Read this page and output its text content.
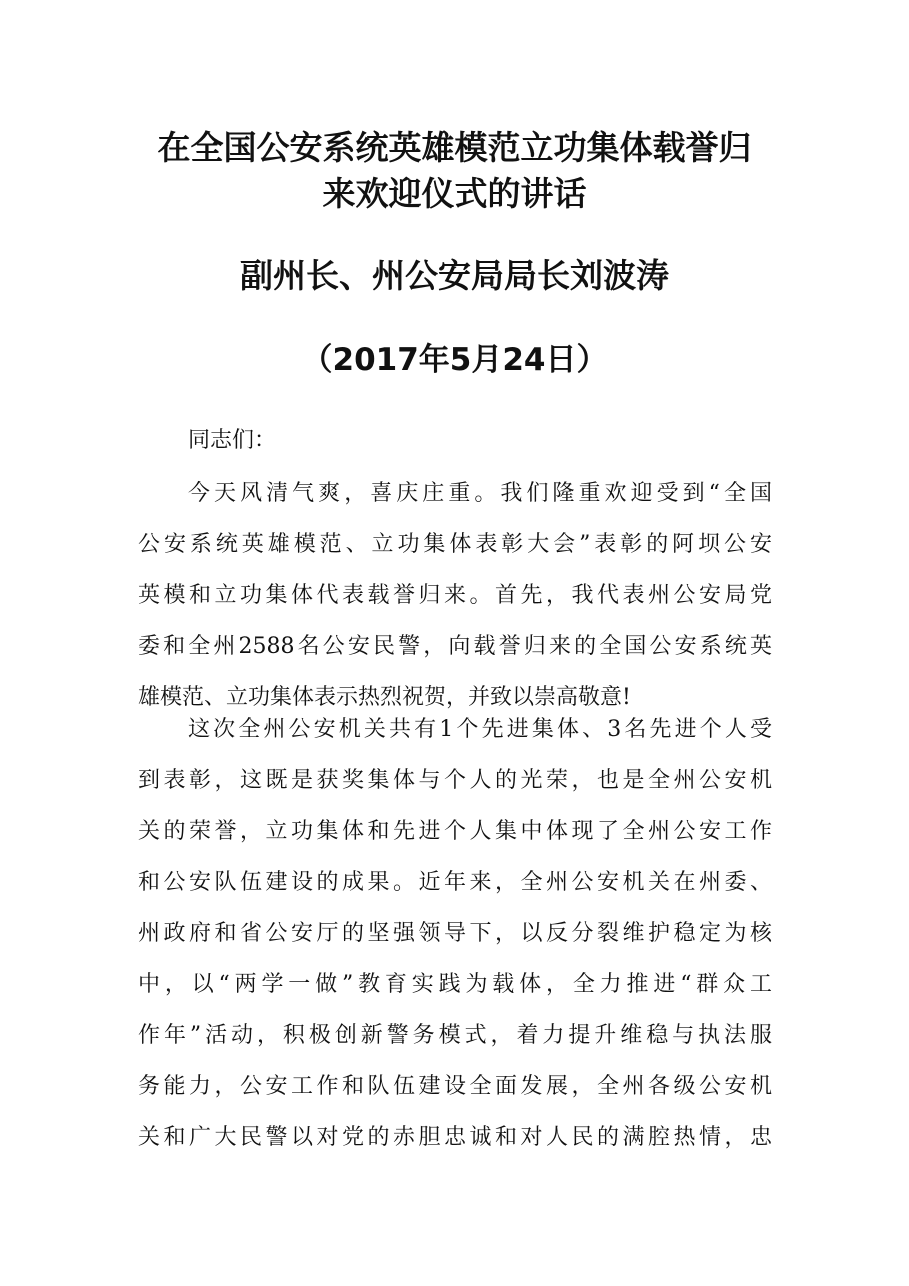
在全国公安系统英雄模范立功集体载誉归
来欢迎仪式的讲话
副州长、州公安局局长刘波涛
（2017年5月24日）
同志们：
今天风清气爽，喜庆庄重。我们隆重欢迎受到“全国
公安系统英雄模范、立功集体表彰大会”表彰的阿坝公安
英模和立功集体代表载誉归来。首先，我代表州公安局党
委和全州2588名公安民警，向载誉归来的全国公安系统英
雄模范、立功集体表示热烈祝贺，并致以崇高敬意!
这次全州公安机关共有1个先进集体、3名先进个人受
到表彰，这既是获奖集体与个人的光荣，也是全州公安机
关的荣誉，立功集体和先进个人集中体现了全州公安工作
和公安队伍建设的成果。近年来，全州公安机关在州委、
州政府和省公安厅的坚强领导下，以反分裂维护稳定为核
中，以“两学一做”教育实践为载体，全力推进“群众工
作年”活动，积极创新警务模式，着力提升维稳与执法服
务能力，公安工作和队伍建设全面发展，全州各级公安机
关和广大民警以对党的赤胆忠诚和对人民的满腔热情，忠
